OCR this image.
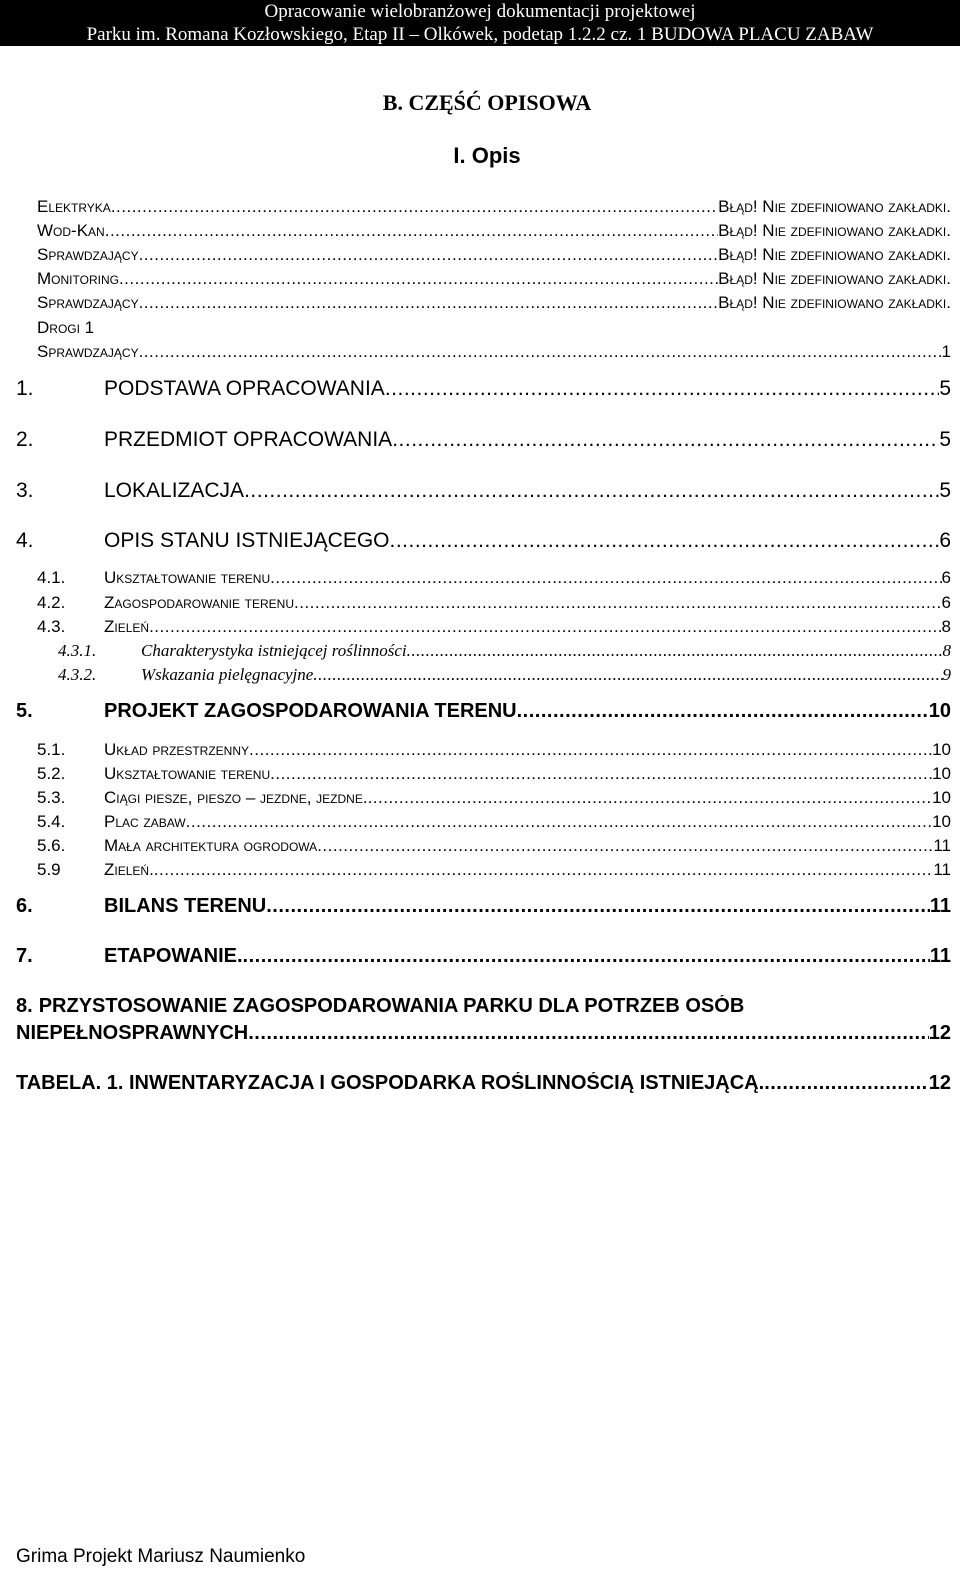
Opracowanie wielobranżowej dokumentacji projektowej
Parku im. Romana Kozłowskiego, Etap II – Olkówek, podetap 1.2.2 cz. 1 BUDOWA PLACU ZABAW
B. CZĘŚĆ OPISOWA
I. Opis
Elektryka .....	Błąd! Nie zdefiniowano zakładki.
Wod-Kan .....	Błąd! Nie zdefiniowano zakładki.
Sprawdzający .....	Błąd! Nie zdefiniowano zakładki.
Monitoring .....	Błąd! Nie zdefiniowano zakładki.
Sprawdzający .....	Błąd! Nie zdefiniowano zakładki.
Drogi 1
Sprawdzający .....	1
1.	PODSTAWA OPRACOWANIA .....	5
2.	PRZEDMIOT OPRACOWANIA .....	5
3.	LOKALIZACJA .....	5
4.	OPIS STANU ISTNIEJĄCEGO .....	6
4.1.	Ukształtowanie terenu .....	6
4.2.	Zagospodarowanie terenu .....	6
4.3.	Zieleń .....	8
4.3.1.	Charakterystyka istniejącej roślinności .....	8
4.3.2.	Wskazania pielęgnacyjne .....	9
5.	PROJEKT ZAGOSPODAROWANIA TERENU .....	10
5.1.	Układ przestrzenny .....	10
5.2.	Ukształtowanie terenu .....	10
5.3.	Ciągi piesze, pieszo – jezdne, jezdne. .....	10
5.4.	Plac zabaw .....	10
5.6.	Mała architektura ogrodowa .....	11
5.9	Zieleń. .....	11
6.	BILANS TERENU .....	11
7.	ETAPOWANIE. .....	11
8. PRZYSTOSOWANIE ZAGOSPODAROWANIA PARKU DLA POTRZEB OSÓB
NIEPEŁNOSPRAWNYCH .....	12
TABELA. 1. INWENTARYZACJA I GOSPODARKA ROŚLINNOŚCIĄ ISTNIEJĄCĄ. .....	12
Grima Projekt Mariusz Naumienko
